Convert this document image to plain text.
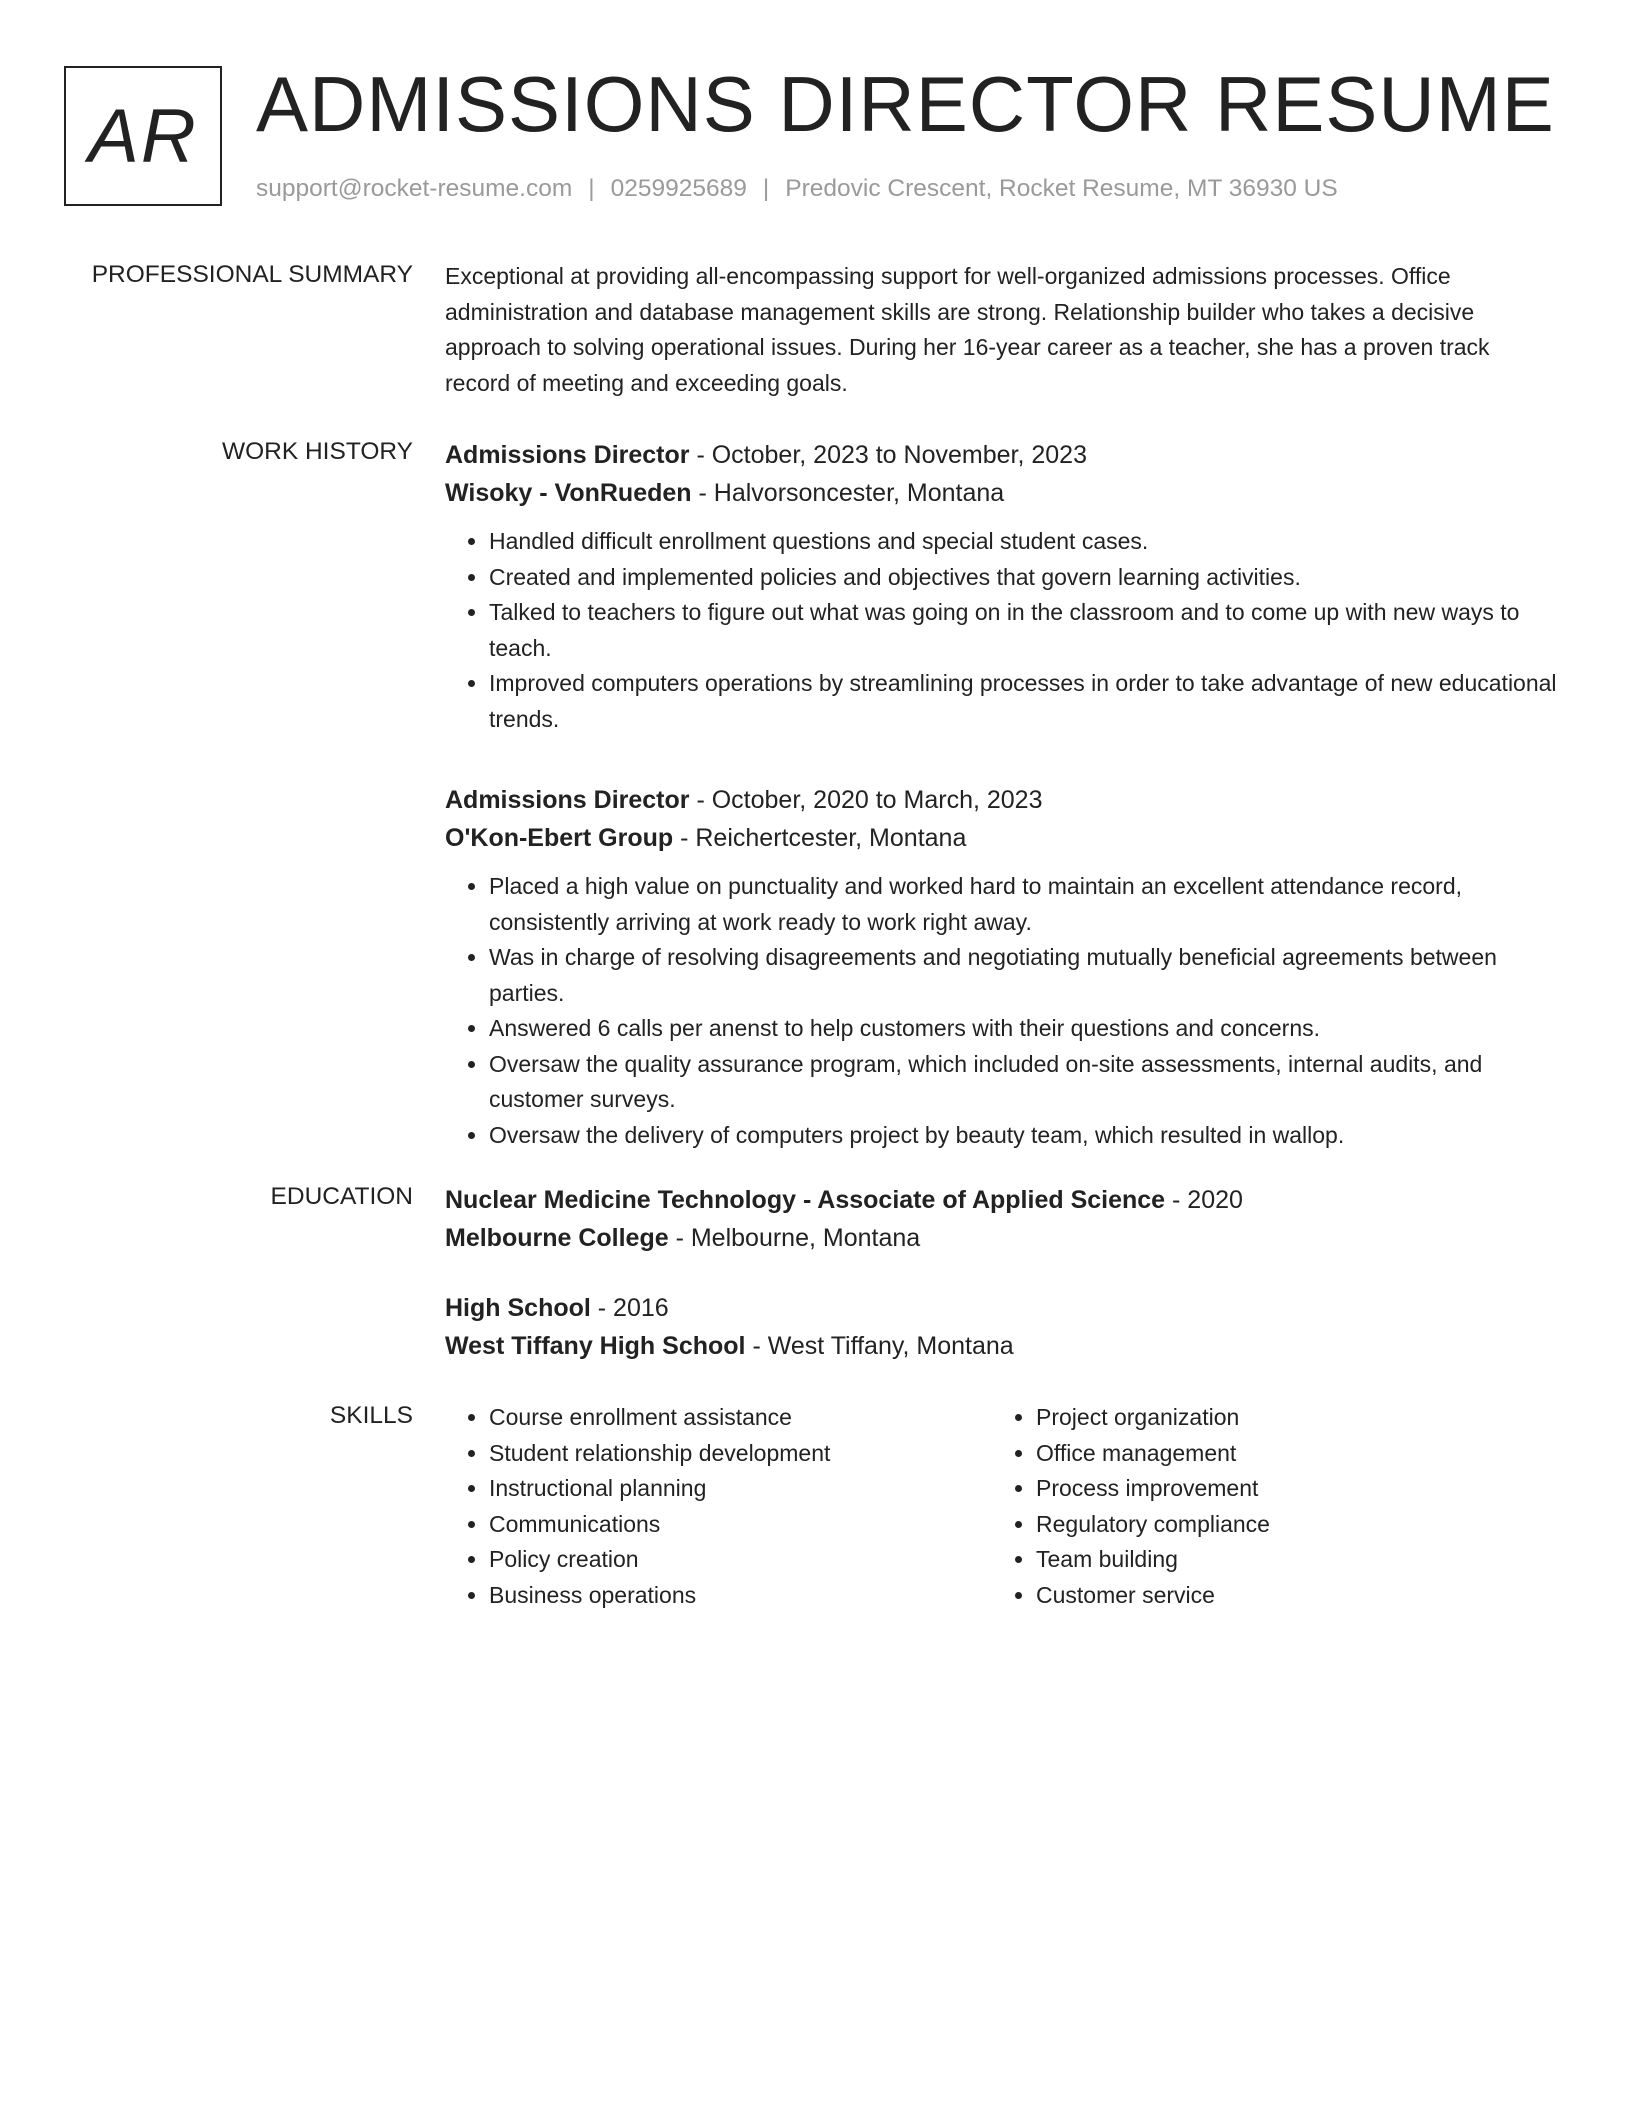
AR ADMISSIONS DIRECTOR RESUME
support@rocket-resume.com | 0259925689 | Predovic Crescent, Rocket Resume, MT 36930 US
PROFESSIONAL SUMMARY Exceptional at providing all-encompassing support for well-organized admissions processes. Office administration and database management skills are strong. Relationship builder who takes a decisive approach to solving operational issues. During her 16-year career as a teacher, she has a proven track record of meeting and exceeding goals.

WORK HISTORY Admissions Director - October, 2023 to November, 2023
Wisoky - VonRueden - Halvorsoncester, Montana
• Handled difficult enrollment questions and special student cases.
• Created and implemented policies and objectives that govern learning activities.
• Talked to teachers to figure out what was going on in the classroom and to come up with new ways to teach.
• Improved computers operations by streamlining processes in order to take advantage of new educational trends.
Admissions Director - October, 2020 to March, 2023
O'Kon-Ebert Group - Reichertcester, Montana
• Placed a high value on punctuality and worked hard to maintain an excellent attendance record, consistently arriving at work ready to work right away.
• Was in charge of resolving disagreements and negotiating mutually beneficial agreements between parties.
• Answered 6 calls per anenst to help customers with their questions and concerns.
• Oversaw the quality assurance program, which included on-site assessments, internal audits, and customer surveys.
• Oversaw the delivery of computers project by beauty team, which resulted in wallop.
EDUCATION Nuclear Medicine Technology - Associate of Applied Science - 2020
Melbourne College - Melbourne, Montana
High School - 2016
West Tiffany High School - West Tiffany, Montana
SKILLS
•	Course enrollment assistance
• Student relationship development
• Instructional planning
• Communications
• Policy creation
• Business operations
• Project organization
• Office management
• Process improvement
• Regulatory compliance
• Team building
• Customer service
